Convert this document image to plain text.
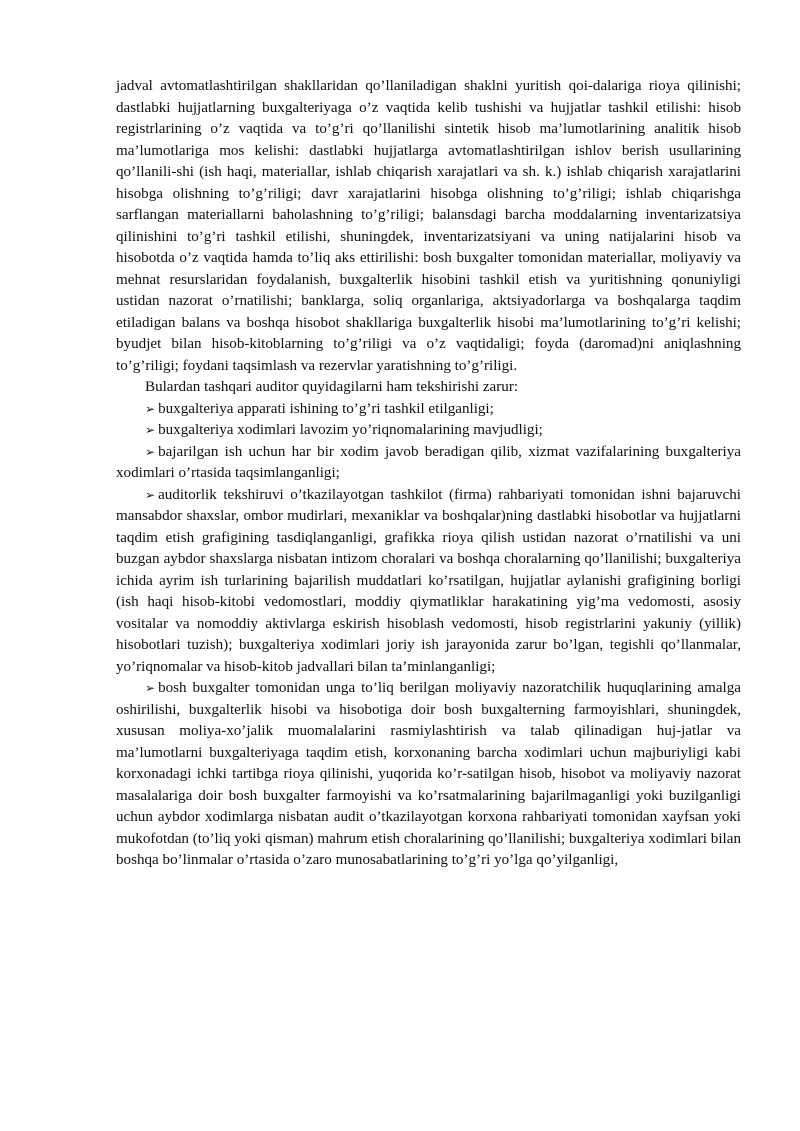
jadval avtomatlashtirilgan shakllaridan qo’llaniladigan shaklni yuritish qoi-dalariga rioya qilinishi; dastlabki hujjatlarning buxgalteriyaga o’z vaqtida kelib tushishi va hujjatlar tashkil etilishi: hisob registrlarining o’z vaqtida va to’g’ri qo’llanilishi sintetik hisob ma’lumotlarining analitik hisob ma’lumotlariga mos kelishi: dastlabki hujjatlarga avtomatlashtirilgan ishlov berish usullarining qo’llanili-shi (ish haqi, materiallar, ishlab chiqarish xarajatlari va sh. k.) ishlab chiqarish xarajatlarini hisobga olishning to’g’riligi; davr xarajatlarini hisobga olishning to’g’riligi; ishlab chiqarishga sarflangan materiallarni baholashning to’g’riligi; balansdagi barcha moddalarning inventarizatsiya qilinishini to’g’ri tashkil etilishi, shuningdek, inventarizatsiyani va uning natijalarini hisob va hisobotda o’z vaqtida hamda to’liq aks ettirilishi: bosh buxgalter tomonidan materiallar, moliyaviy va mehnat resurslaridan foydalanish, buxgalterlik hisobini tashkil etish va yuritishning qonuniyligi ustidan nazorat o’rnatilishi; banklarga, soliq organlariga, aktsiyadorlarga va boshqalarga taqdim etiladigan balans va boshqa hisobot shakllariga buxgalterlik hisobi ma’lumotlarining to’g’ri kelishi; byudjet bilan hisob-kitoblarning to’g’riligi va o’z vaqtidaligi; foyda (daromad)ni aniqlashning to’g’riligi; foydani taqsimlash va rezervlar yaratishning to’g’riligi.

Bulardan tashqari auditor quyidagilarni ham tekshirishi zarur:

➢ buxgalteriya apparati ishining to’g’ri tashkil etilganligi;

➢ buxgalteriya xodimlari lavozim yo’riqnomalarining mavjudligi;

➢ bajarilgan ish uchun har bir xodim javob beradigan qilib, xizmat vazifalarining buxgalteriya xodimlari o’rtasida taqsimlanganligi;

➢ auditorlik tekshiruvi o’tkazilayotgan tashkilot (firma) rahbariyati tomonidan ishni bajaruvchi mansabdor shaxslar, ombor mudirlari, mexaniklar va boshqalar)ning dastlabki hisobotlar va hujjatlarni taqdim etish grafigining tasdiqlanganligi, grafikka rioya qilish ustidan nazorat o’rnatilishi va uni buzgan aybdor shaxslarga nisbatan intizom choralari va boshqa choralarning qo’llanilishi; buxgalteriya ichida ayrim ish turlarining bajarilish muddatlari ko’rsatilgan, hujjatlar aylanishi grafigining borligi (ish haqi hisob-kitobi vedomostlari, moddiy qiymatliklar harakatining yig’ma vedomosti, asosiy vositalar va nomoddiy aktivlarga eskirish hisoblash vedomosti, hisob registrlarini yakuniy (yillik) hisobotlari tuzish); buxgalteriya xodimlari joriy ish jarayonida zarur bo’lgan, tegishli qo’llanmalar, yo’riqnomalar va hisob-kitob jadvallari bilan ta’minlanganligi;

➢ bosh buxgalter tomonidan unga to’liq berilgan moliyaviy nazoratchilik huquqlarining amalga oshirilishi, buxgalterlik hisobi va hisobotiga doir bosh buxgalterning farmoyishlari, shuningdek, xususan moliya-xo’jalik muomalalarini rasmiylashtirish va talab qilinadigan huj-jatlar va ma’lumotlarni buxgalteriyaga taqdim etish, korxonaning barcha xodimlari uchun majburiyligi kabi korxonadagi ichki tartibga rioya qilinishi, yuqorida ko’r-satilgan hisob, hisobot va moliyaviy nazorat masalalariga doir bosh buxgalter farmoyishi va ko’rsatmalarining bajarilmaganligi yoki buzilganligi uchun aybdor xodimlarga nisbatan audit o’tkazilayotgan korxona rahbariyati tomonidan xayfsan yoki mukofotdan (to’liq yoki qisman) mahrum etish choralarining qo’llanilishi; buxgalteriya xodimlari bilan boshqa bo’linmalar o’rtasida o’zaro munosabatlarining to’g’ri yo’lga qo’yilganligi,
